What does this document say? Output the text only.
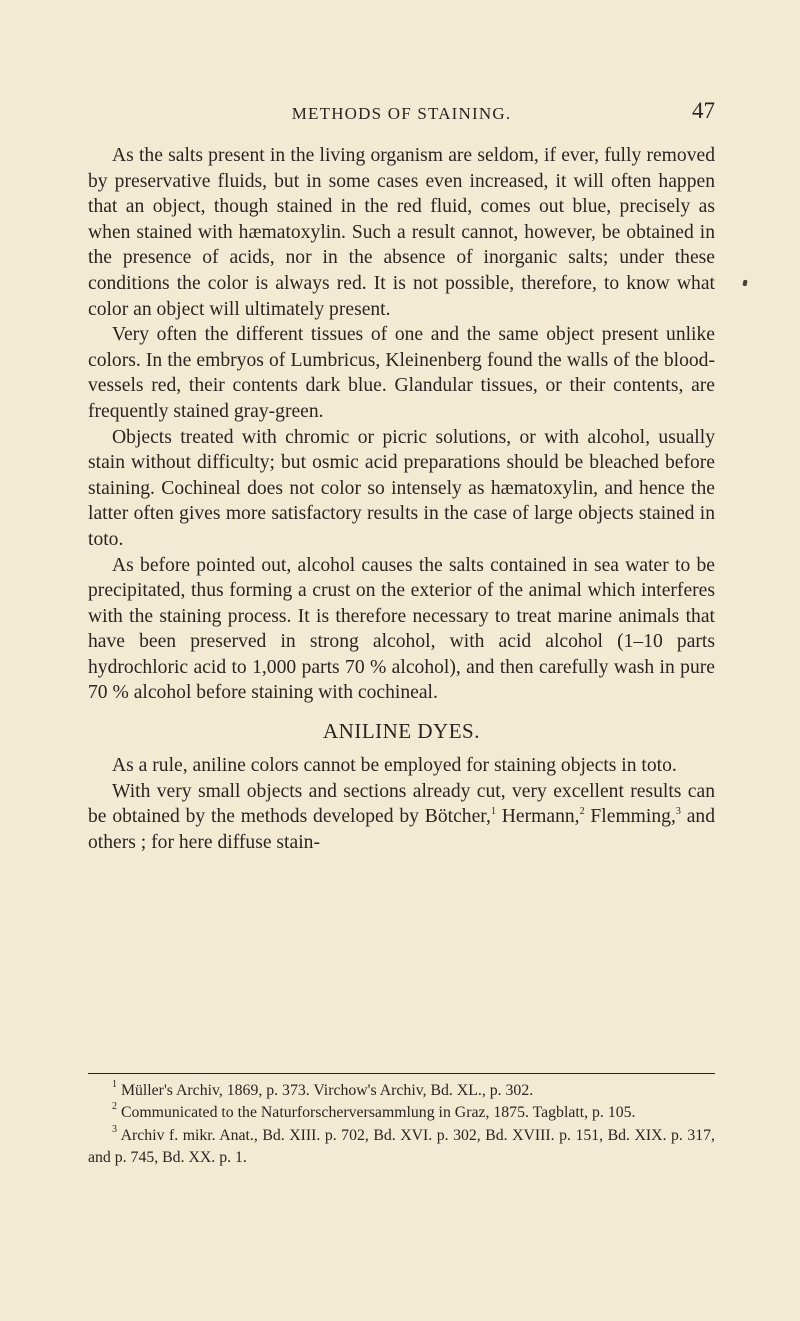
METHODS OF STAINING.	47

As the salts present in the living organism are seldom, if ever, fully removed by preservative fluids, but in some cases even increased, it will often happen that an object, though stained in the red fluid, comes out blue, precisely as when stained with hæmatoxylin. Such a result cannot, however, be obtained in the presence of acids, nor in the absence of inorganic salts; under these conditions the color is always red. It is not possible, therefore, to know what color an object will ultimately present.

Very often the different tissues of one and the same object present unlike colors. In the embryos of Lumbricus, Kleinenberg found the walls of the blood-vessels red, their contents dark blue. Glandular tissues, or their contents, are frequently stained gray-green.

Objects treated with chromic or picric solutions, or with alcohol, usually stain without difficulty; but osmic acid preparations should be bleached before staining. Cochineal does not color so intensely as hæmatoxylin, and hence the latter often gives more satisfactory results in the case of large objects stained in toto.

As before pointed out, alcohol causes the salts contained in sea water to be precipitated, thus forming a crust on the exterior of the animal which interferes with the staining process. It is therefore necessary to treat marine animals that have been preserved in strong alcohol, with acid alcohol (1–10 parts hydrochloric acid to 1,000 parts 70 % alcohol), and then carefully wash in pure 70 % alcohol before staining with cochineal.

ANILINE DYES.

As a rule, aniline colors cannot be employed for staining objects in toto.

With very small objects and sections already cut, very excellent results can be obtained by the methods developed by Bötcher,$^1$ Hermann,$^2$ Flemming,$^3$ and others ; for here diffuse stain-

$^1$ Müller's Archiv, 1869, p. 373. Virchow's Archiv, Bd. XL., p. 302.

$^2$ Communicated to the Naturforscherversammlung in Graz, 1875. Tagblatt, p. 105.

$^3$ Archiv f. mikr. Anat., Bd. XIII. p. 702, Bd. XVI. p. 302, Bd. XVIII. p. 151, Bd. XIX. p. 317, and p. 745, Bd. XX. p. 1.
